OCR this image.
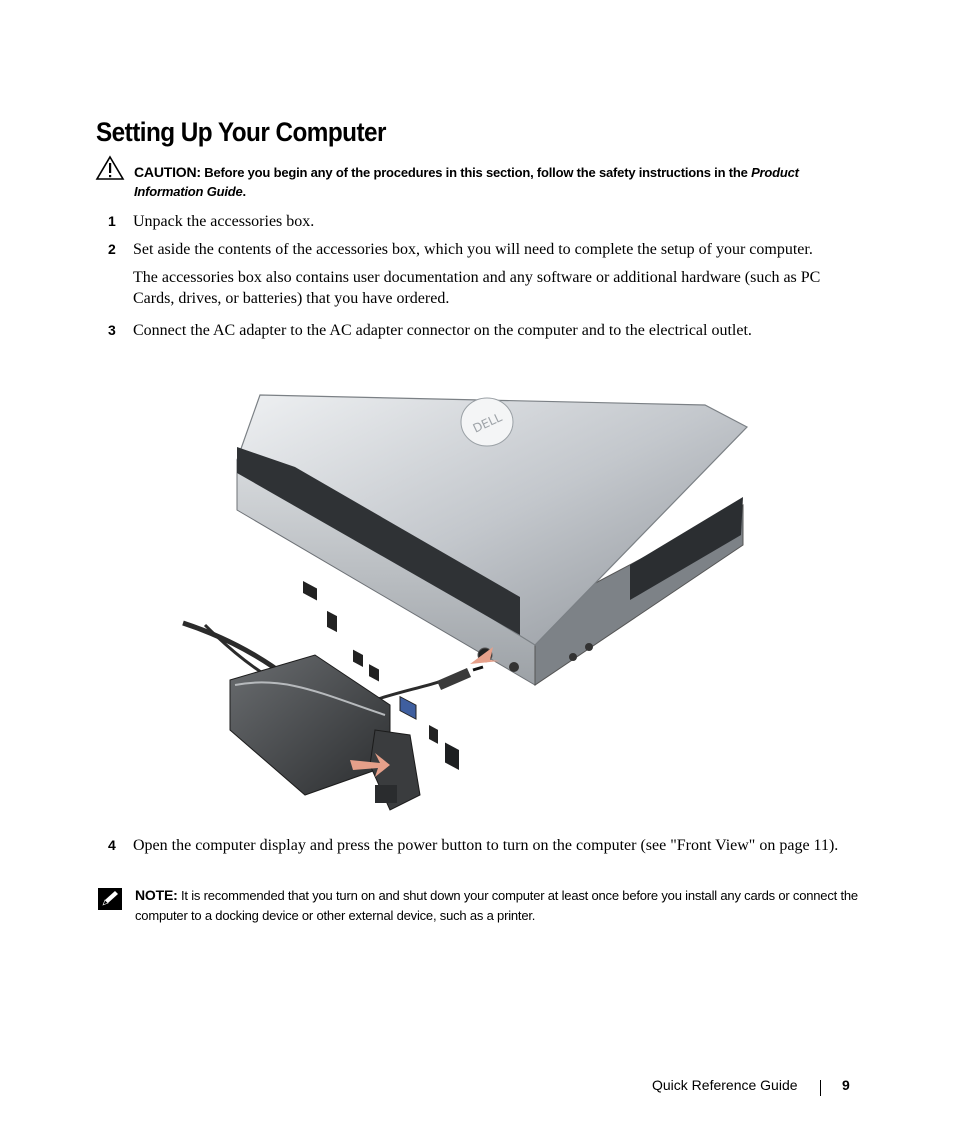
Setting Up Your Computer
CAUTION: Before you begin any of the procedures in this section, follow the safety instructions in the Product Information Guide.
1 Unpack the accessories box.
2 Set aside the contents of the accessories box, which you will need to complete the setup of your computer.
The accessories box also contains user documentation and any software or additional hardware (such as PC Cards, drives, or batteries) that you have ordered.
3 Connect the AC adapter to the AC adapter connector on the computer and to the electrical outlet.
DELL
4 Open the computer display and press the power button to turn on the computer (see "Front View" on page 11).
NOTE: It is recommended that you turn on and shut down your computer at least once before you install any cards or connect the computer to a docking device or other external device, such as a printer.
Quick Reference Guide	9
